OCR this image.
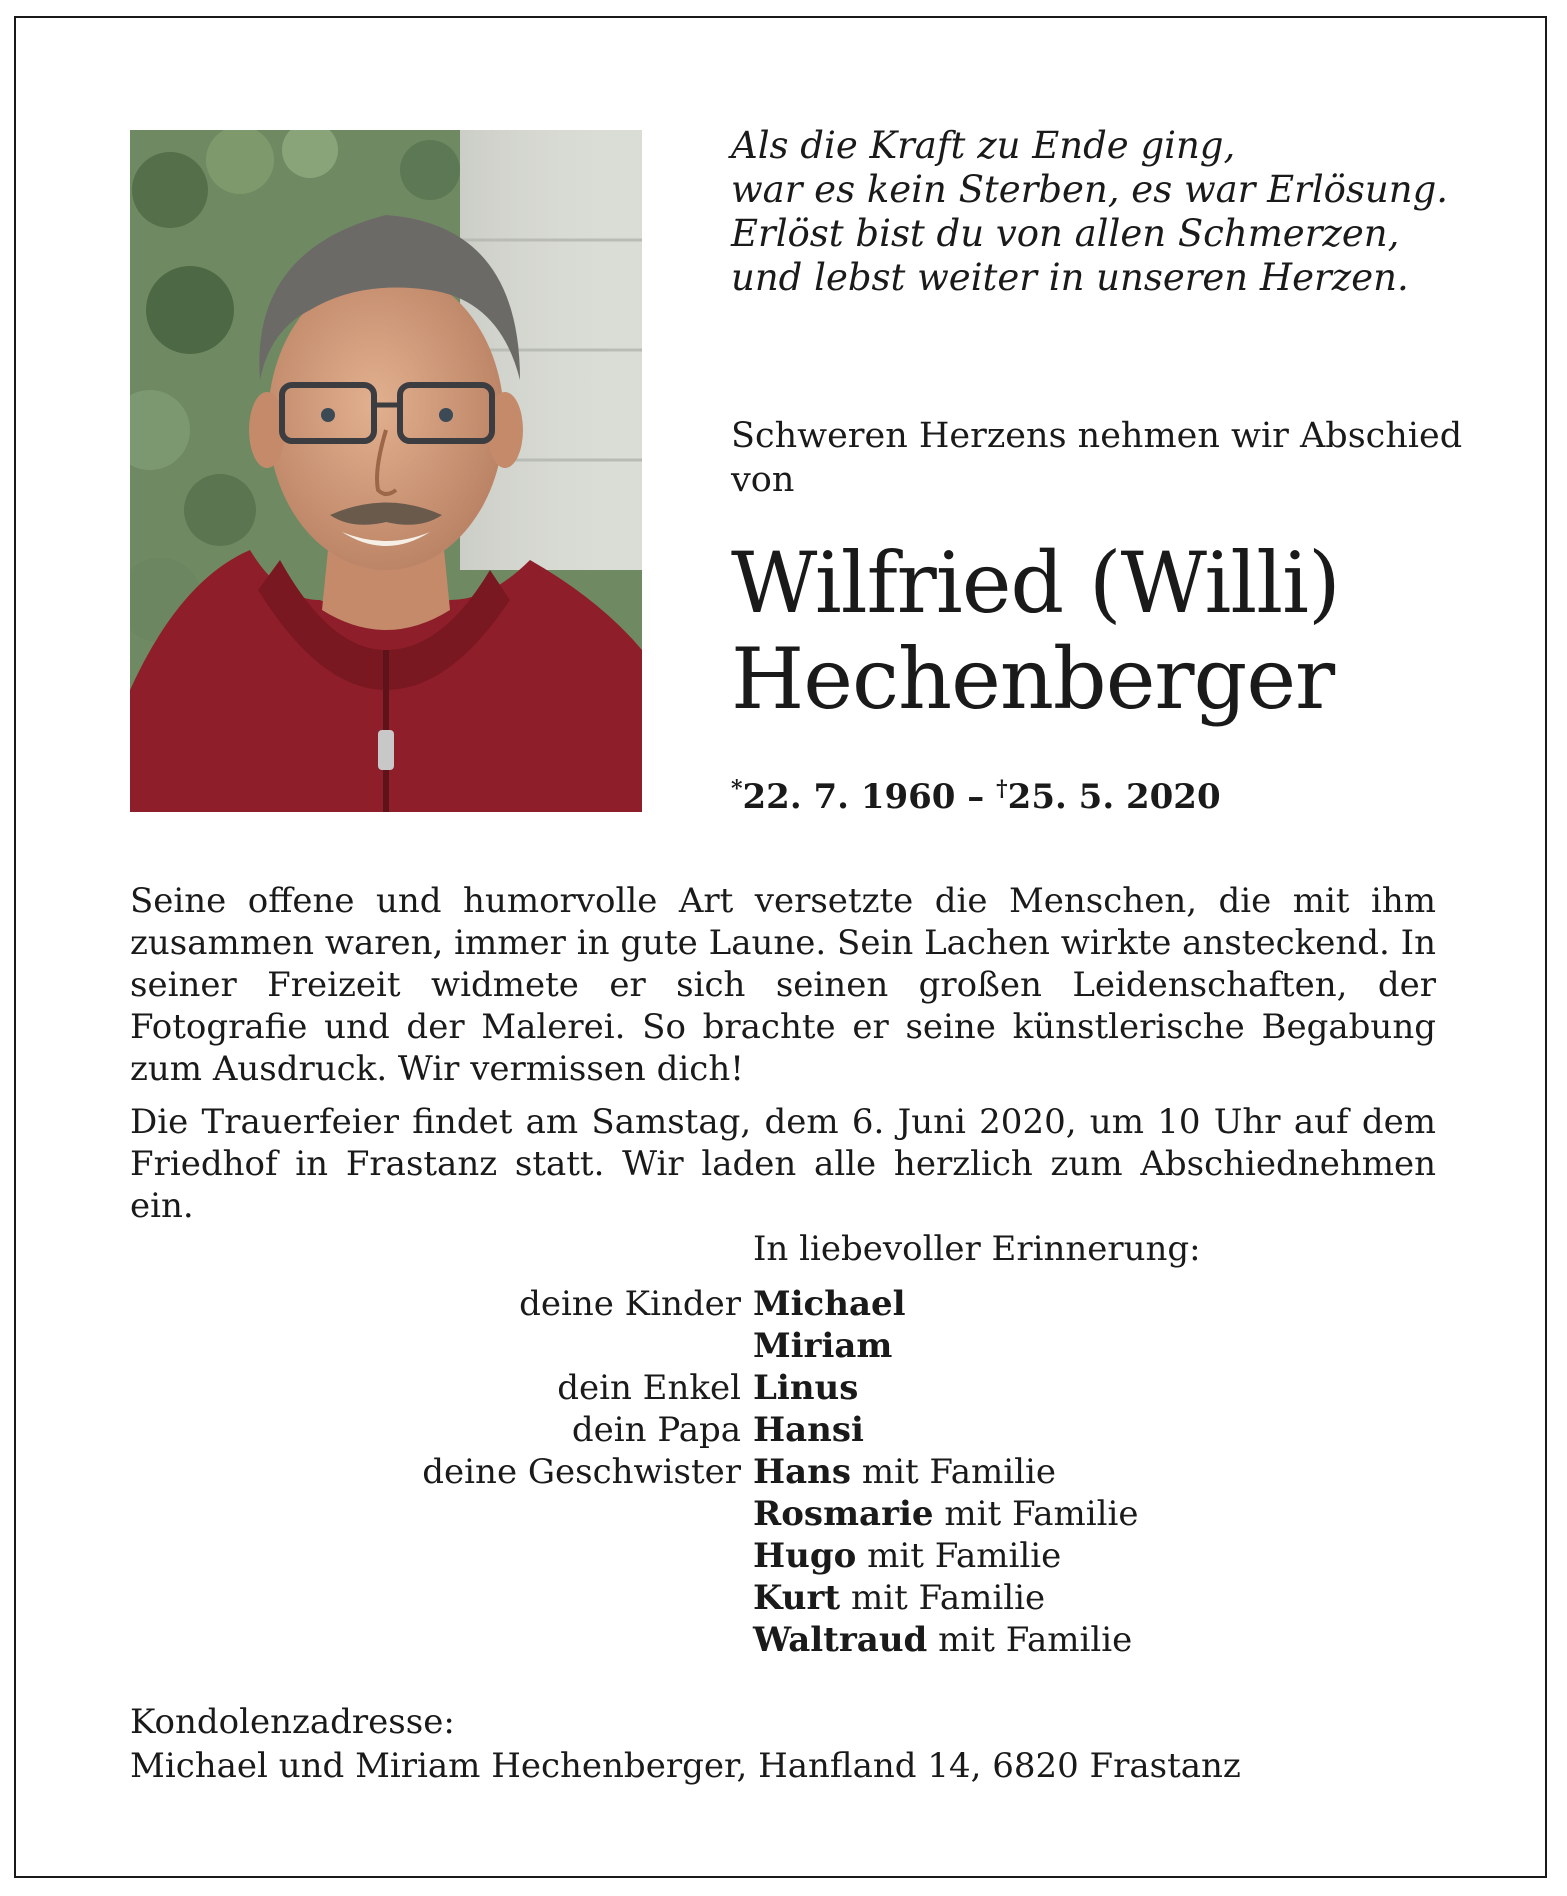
Als die Kraft zu Ende ging,
war es kein Sterben, es war Erlösung.
Erlöst bist du von allen Schmerzen,
und lebst weiter in unseren Herzen.
Schweren Herzens nehmen wir Abschied von
Wilfried (Willi)
Hechenberger
*22. 7. 1960 – †25. 5. 2020
Seine offene und humorvolle Art versetzte die Menschen, die mit ihm zusammen waren, immer in gute Laune. Sein Lachen wirkte ansteckend. In seiner Freizeit widmete er sich seinen großen Leidenschaften, der Fotografie und der Malerei. So brachte er seine künstlerische Begabung zum Ausdruck. Wir vermissen dich!
Die Trauerfeier findet am Samstag, dem 6. Juni 2020, um 10 Uhr auf dem Friedhof in Frastanz statt. Wir laden alle herzlich zum Abschiednehmen ein.
In liebevoller Erinnerung:
deine Kinder Michael
Miriam
dein Enkel Linus
dein Papa Hansi
deine Geschwister Hans mit Familie
Rosmarie mit Familie
Hugo mit Familie
Kurt mit Familie
Waltraud mit Familie
Kondolenzadresse:
Michael und Miriam Hechenberger, Hanfland 14, 6820 Frastanz
